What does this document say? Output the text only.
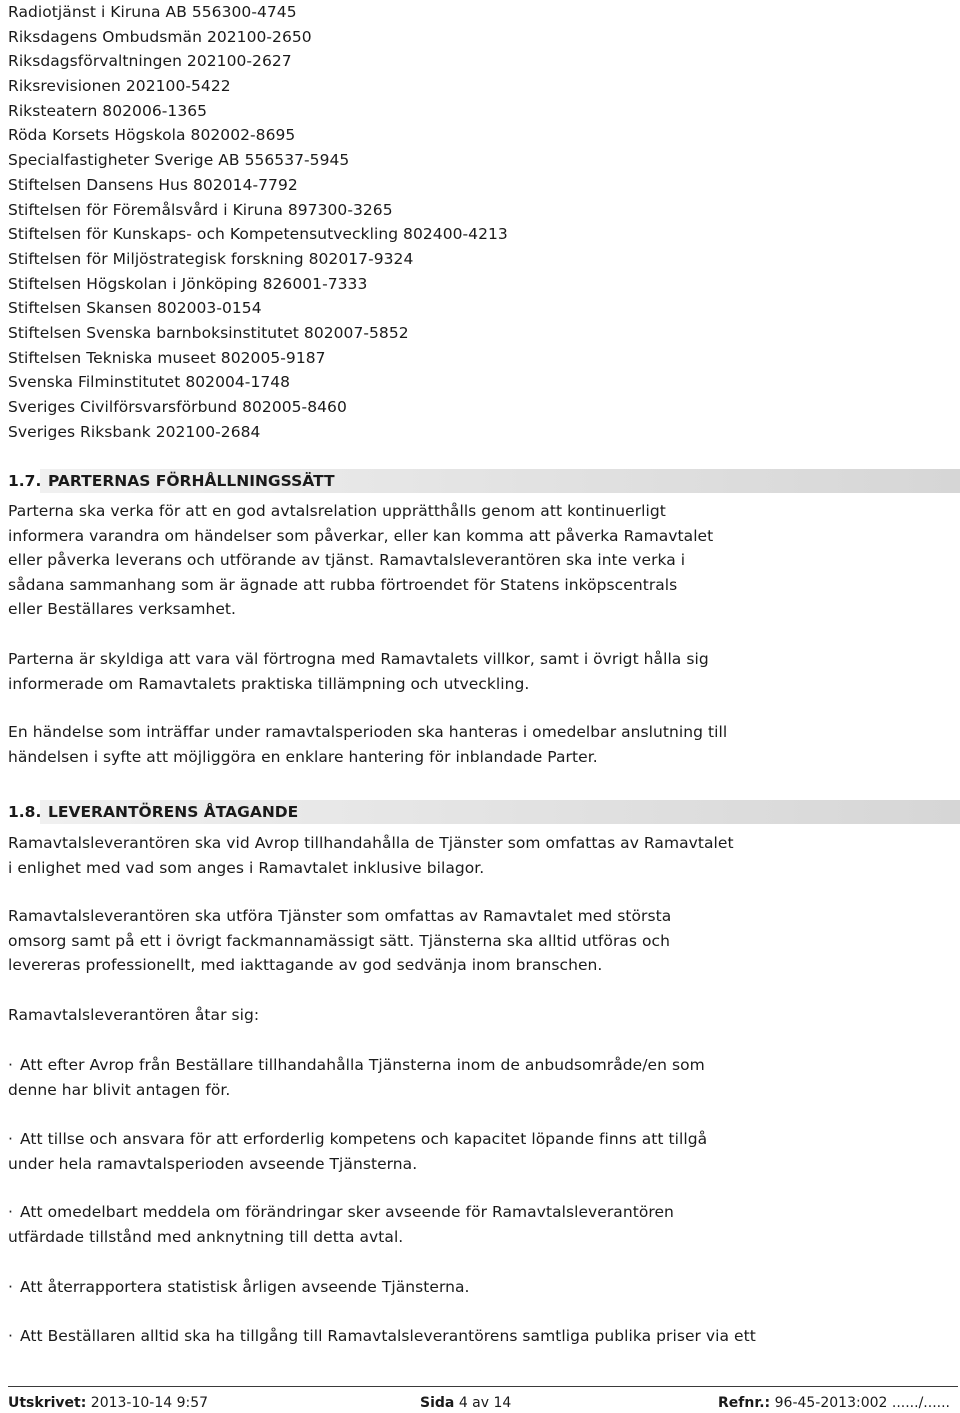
Radiotjänst i Kiruna AB 556300-4745
Riksdagens Ombudsmän 202100-2650
Riksdagsförvaltningen 202100-2627
Riksrevisionen 202100-5422
Riksteatern 802006-1365
Röda Korsets Högskola 802002-8695
Specialfastigheter Sverige AB 556537-5945
Stiftelsen Dansens Hus 802014-7792
Stiftelsen för Föremålsvård i Kiruna 897300-3265
Stiftelsen för Kunskaps- och Kompetensutveckling 802400-4213
Stiftelsen för Miljöstrategisk forskning 802017-9324
Stiftelsen Högskolan i Jönköping 826001-7333
Stiftelsen Skansen 802003-0154
Stiftelsen Svenska barnboksinstitutet 802007-5852
Stiftelsen Tekniska museet 802005-9187
Svenska Filminstitutet 802004-1748
Sveriges Civilförsvarsförbund 802005-8460
Sveriges Riksbank 202100-2684
1.7. PARTERNAS FÖRHÅLLNINGSSÄTT

Parterna ska verka för att en god avtalsrelation upprätthålls genom att kontinuerligt
informera varandra om händelser som påverkar, eller kan komma att påverka Ramavtalet
eller påverka leverans och utförande av tjänst. Ramavtalsleverantören ska inte verka i
sådana sammanhang som är ägnade att rubba förtroendet för Statens inköpscentrals
eller Beställares verksamhet.

Parterna är skyldiga att vara väl förtrogna med Ramavtalets villkor, samt i övrigt hålla sig
informerade om Ramavtalets praktiska tillämpning och utveckling.

En händelse som inträffar under ramavtalsperioden ska hanteras i omedelbar anslutning till
händelsen i syfte att möjliggöra en enklare hantering för inblandade Parter.

1.8. LEVERANTÖRENS ÅTAGANDE

Ramavtalsleverantören ska vid Avrop tillhandahålla de Tjänster som omfattas av Ramavtalet
i enlighet med vad som anges i Ramavtalet inklusive bilagor.

Ramavtalsleverantören ska utföra Tjänster som omfattas av Ramavtalet med största
omsorg samt på ett i övrigt fackmannamässigt sätt. Tjänsterna ska alltid utföras och
levereras professionellt, med iakttagande av god sedvänja inom branschen.

Ramavtalsleverantören åtar sig:

· Att efter Avrop från Beställare tillhandahålla Tjänsterna inom de anbudsområde/en som
denne har blivit antagen för.

· Att tillse och ansvara för att erforderlig kompetens och kapacitet löpande finns att tillgå
under hela ramavtalsperioden avseende Tjänsterna.

· Att omedelbart meddela om förändringar sker avseende för Ramavtalsleverantören
utfärdade tillstånd med anknytning till detta avtal.

· Att återrapportera statistisk årligen avseende Tjänsterna.

· Att Beställaren alltid ska ha tillgång till Ramavtalsleverantörens samtliga publika priser via ett

Utskrivet: 2013-10-14 9:57	Sida 4 av 14	Refnr.: 96-45-2013:002 ....../......
